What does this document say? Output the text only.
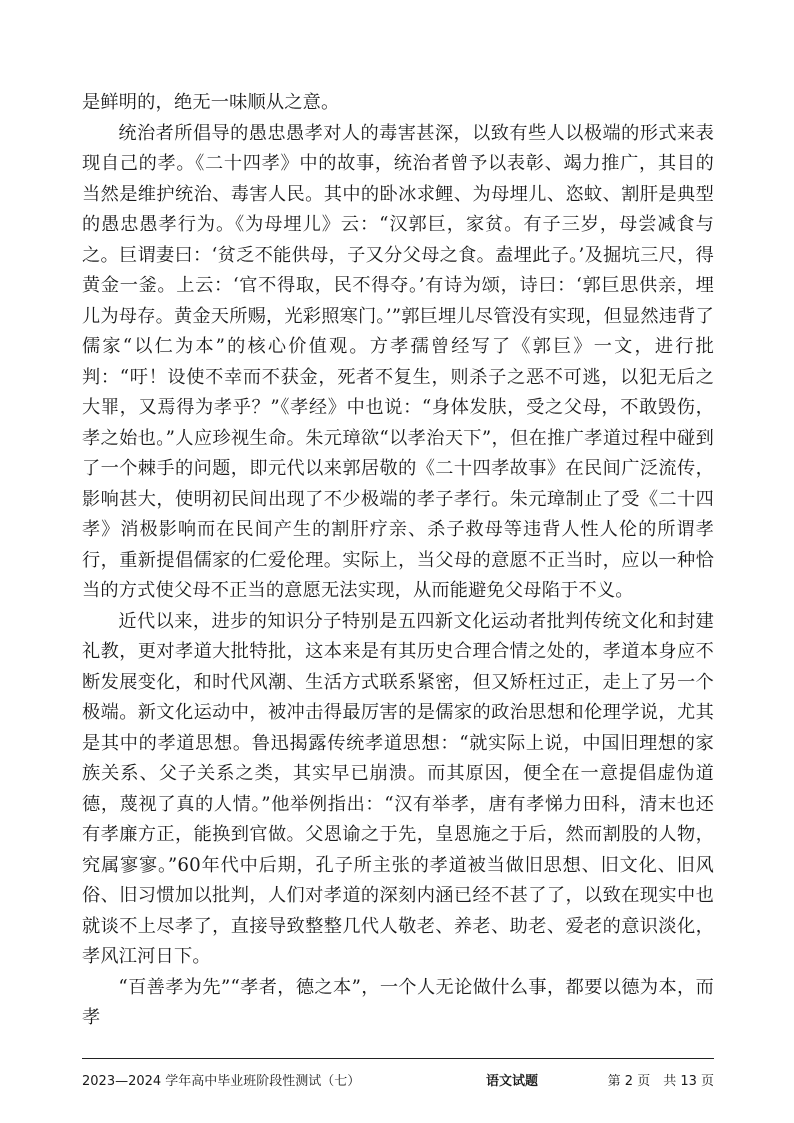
是鲜明的，绝无一味顺从之意。

统治者所倡导的愚忠愚孝对人的毒害甚深，以致有些人以极端的形式来表现自己的孝。《二十四孝》中的故事，统治者曾予以表彰、竭力推广，其目的当然是维护统治、毒害人民。其中的卧冰求鲤、为母埋儿、恣蚊、割肝是典型的愚忠愚孝行为。《为母埋儿》云：“汉郭巨，家贫。有子三岁，母尝减食与之。巨谓妻曰：‘贫乏不能供母，子又分父母之食。盍埋此子。’及掘坑三尺，得黄金一釜。上云：‘官不得取，民不得夺。’有诗为颂，诗曰：‘郭巨思供亲，埋儿为母存。黄金天所赐，光彩照寒门。’”郭巨埋儿尽管没有实现，但显然违背了儒家“以仁为本”的核心价值观。方孝孺曾经写了《郭巨》一文，进行批判：“吁！设使不幸而不获金，死者不复生，则杀子之恶不可逃，以犯无后之大罪，又焉得为孝乎？”《孝经》中也说：“身体发肤，受之父母，不敢毁伤，孝之始也。”人应珍视生命。朱元璋欲“以孝治天下”，但在推广孝道过程中碰到了一个棘手的问题，即元代以来郭居敬的《二十四孝故事》在民间广泛流传，影响甚大，使明初民间出现了不少极端的孝子孝行。朱元璋制止了受《二十四孝》消极影响而在民间产生的割肝疗亲、杀子救母等违背人性人伦的所谓孝行，重新提倡儒家的仁爱伦理。实际上，当父母的意愿不正当时，应以一种恰当的方式使父母不正当的意愿无法实现，从而能避免父母陷于不义。

近代以来，进步的知识分子特别是五四新文化运动者批判传统文化和封建礼教，更对孝道大批特批，这本来是有其历史合理合情之处的，孝道本身应不断发展变化，和时代风潮、生活方式联系紧密，但又矫枉过正，走上了另一个极端。新文化运动中，被冲击得最厉害的是儒家的政治思想和伦理学说，尤其是其中的孝道思想。鲁迅揭露传统孝道思想：“就实际上说，中国旧理想的家族关系、父子关系之类，其实早已崩溃。而其原因，便全在一意提倡虚伪道德，蔑视了真的人情。”他举例指出：“汉有举孝，唐有孝悌力田科，清末也还有孝廉方正，能换到官做。父恩谕之于先，皇恩施之于后，然而割股的人物，究属寥寥。”60年代中后期，孔子所主张的孝道被当做旧思想、旧文化、旧风俗、旧习惯加以批判，人们对孝道的深刻内涵已经不甚了了，以致在现实中也就谈不上尽孝了，直接导致整整几代人敬老、养老、助老、爱老的意识淡化，孝风江河日下。

“百善孝为先”“孝者，德之本”，一个人无论做什么事，都要以德为本，而孝

2023—2024 学年高中毕业班阶段性测试（七）	语文试题	第 2 页　共 13 页
